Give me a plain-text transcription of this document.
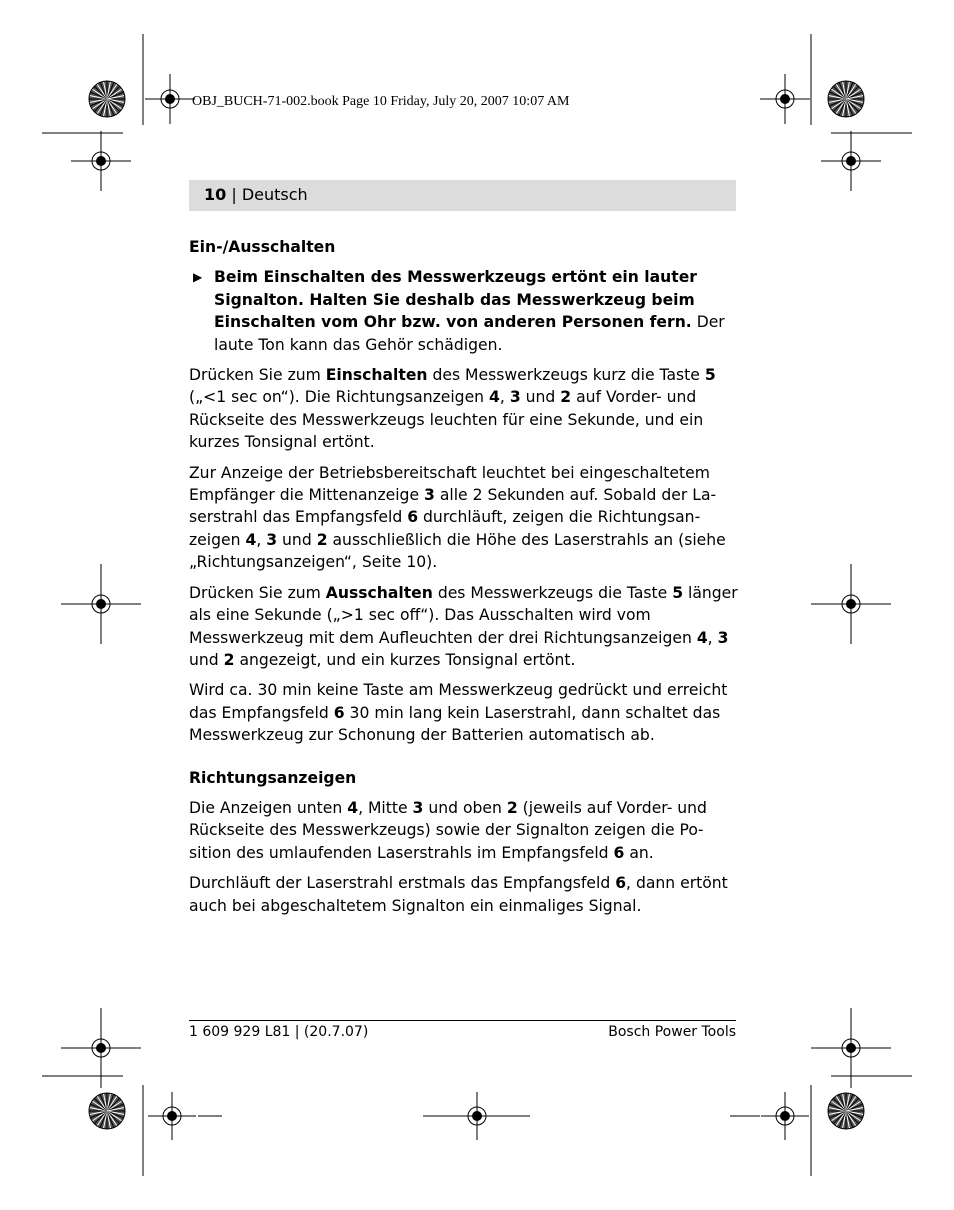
OBJ_BUCH-71-002.book Page 10 Friday, July 20, 2007 10:07 AM
10 | Deutsch
Ein-/Ausschalten
▶ Beim Einschalten des Messwerkzeugs ertönt ein lauter Signalton. Halten Sie deshalb das Messwerkzeug beim Einschalten vom Ohr bzw. von anderen Personen fern. Der laute Ton kann das Gehör schädigen.

Drücken Sie zum Einschalten des Messwerkzeugs kurz die Taste 5 („<1 sec on“). Die Richtungsanzeigen 4, 3 und 2 auf Vorder- und Rückseite des Messwerkzeugs leuchten für eine Sekunde, und ein kurzes Tonsignal ertönt.

Zur Anzeige der Betriebsbereitschaft leuchtet bei eingeschaltetem Empfänger die Mittenanzeige 3 alle 2 Sekunden auf. Sobald der Laserstrahl das Empfangsfeld 6 durchläuft, zeigen die Richtungsanzeigen 4, 3 und 2 ausschließlich die Höhe des Laserstrahls an (siehe „Richtungsanzeigen“, Seite 10).

Drücken Sie zum Ausschalten des Messwerkzeugs die Taste 5 länger als eine Sekunde („>1 sec off“). Das Ausschalten wird vom Messwerkzeug mit dem Aufleuchten der drei Richtungsanzeigen 4, 3 und 2 angezeigt, und ein kurzes Tonsignal ertönt.

Wird ca. 30 min keine Taste am Messwerkzeug gedrückt und erreicht das Empfangsfeld 6 30 min lang kein Laserstrahl, dann schaltet das Messwerkzeug zur Schonung der Batterien automatisch ab.

Richtungsanzeigen

Die Anzeigen unten 4, Mitte 3 und oben 2 (jeweils auf Vorder- und Rückseite des Messwerkzeugs) sowie der Signalton zeigen die Position des umlaufenden Laserstrahls im Empfangsfeld 6 an.

Durchläuft der Laserstrahl erstmals das Empfangsfeld 6, dann ertönt auch bei abgeschaltetem Signalton ein einmaliges Signal.

1 609 929 L81 | (20.7.07)	Bosch Power Tools
